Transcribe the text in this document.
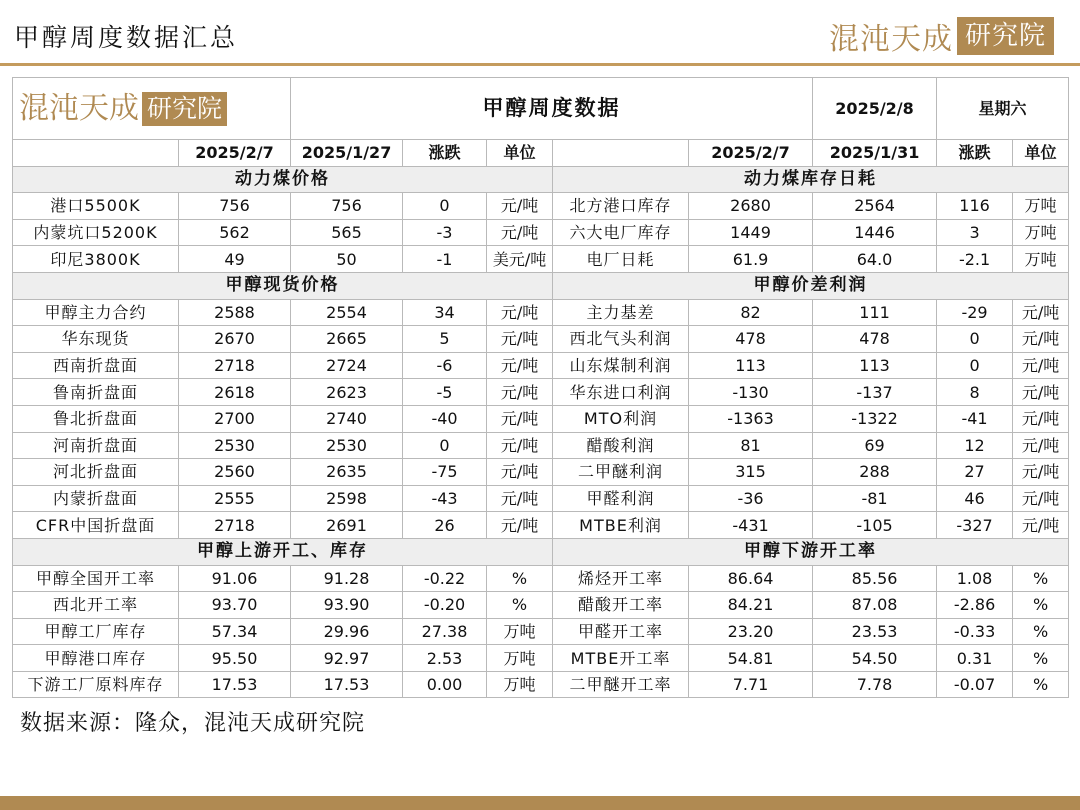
甲醇周度数据汇总	混沌天成 研究院
混沌天成 研究院		甲醇周度数据					2025/2/8	星期六	
	2025/2/7	2025/1/27	涨跌	单位		2025/2/7	2025/1/31	涨跌	单位
动力煤价格					动力煤库存日耗				
港口5500K	756	756	0	元/吨	北方港口库存	2680	2564	116	万吨
内蒙坑口5200K	562	565	-3	元/吨	六大电厂库存	1449	1446	3	万吨
印尼3800K	49	50	-1	美元/吨	电厂日耗	61.9	64.0	-2.1	万吨
甲醇现货价格					甲醇价差利润				
甲醇主力合约	2588	2554	34	元/吨	主力基差	82	111	-29	元/吨
华东现货	2670	2665	5	元/吨	西北气头利润	478	478	0	元/吨
西南折盘面	2718	2724	-6	元/吨	山东煤制利润	113	113	0	元/吨
鲁南折盘面	2618	2623	-5	元/吨	华东进口利润	-130	-137	8	元/吨
鲁北折盘面	2700	2740	-40	元/吨	MTO利润	-1363	-1322	-41	元/吨
河南折盘面	2530	2530	0	元/吨	醋酸利润	81	69	12	元/吨
河北折盘面	2560	2635	-75	元/吨	二甲醚利润	315	288	27	元/吨
内蒙折盘面	2555	2598	-43	元/吨	甲醛利润	-36	-81	46	元/吨
CFR中国折盘面	2718	2691	26	元/吨	MTBE利润	-431	-105	-327	元/吨
甲醇上游开工、库存					甲醇下游开工率				
甲醇全国开工率	91.06	91.28	-0.22	%	烯烃开工率	86.64	85.56	1.08	%
西北开工率	93.70	93.90	-0.20	%	醋酸开工率	84.21	87.08	-2.86	%
甲醇工厂库存	57.34	29.96	27.38	万吨	甲醛开工率	23.20	23.53	-0.33	%
甲醇港口库存	95.50	92.97	2.53	万吨	MTBE开工率	54.81	54.50	0.31	%
下游工厂原料库存	17.53	17.53	0.00	万吨	二甲醚开工率	7.71	7.78	-0.07	%
数据来源：隆众，混沌天成研究院
